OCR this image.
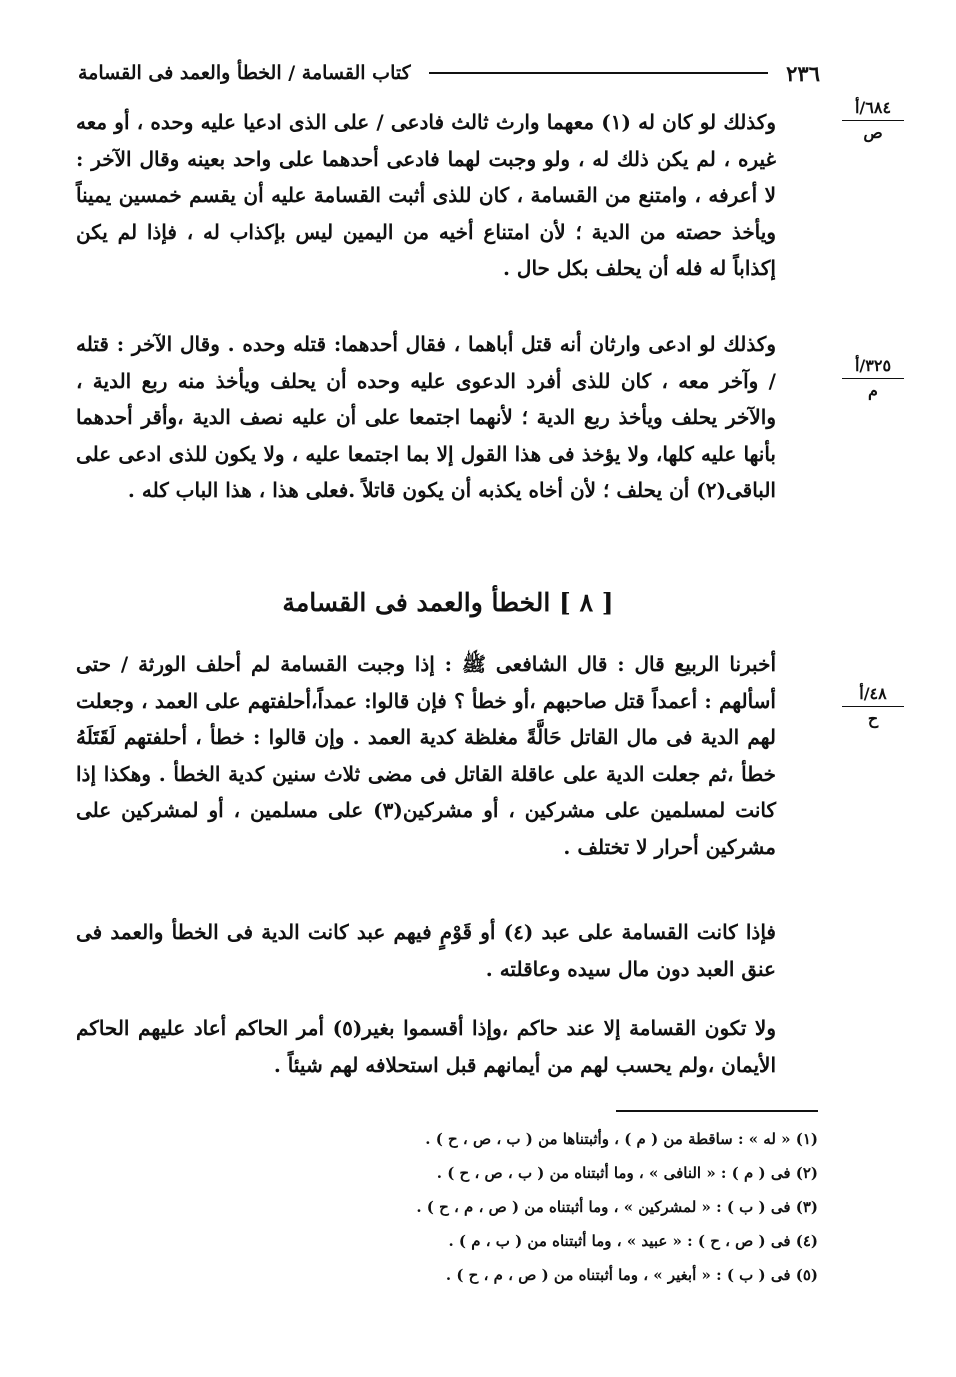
٢٣٦
كتاب القسامة / الخطأ والعمد فى القسامة
٦٨٤/أ
ص
٣٢٥/أ
م
٤٨/أ
ح
وكذلك لو كان له (١) معهما وارث ثالث فادعى / على الذى ادعيا عليه وحده ، أو معه غيره ، لم يكن ذلك له ، ولو وجبت لهما فادعى أحدهما على واحد بعينه وقال الآخر : لا أعرفه ، وامتنع من القسامة ، كان للذى أثبت القسامة عليه أن يقسم خمسين يميناً ويأخذ حصته من الدية ؛ لأن امتناع أخيه من اليمين ليس بإكذاب له ، فإذا لم يكن إكذاباً له فله أن يحلف بكل حال .
وكذلك لو ادعى وارثان أنه قتل أباهما ، فقال أحدهما: قتله وحده . وقال الآخر : قتله / وآخر معه ، كان للذى أفرد الدعوى عليه وحده أن يحلف ويأخذ منه ربع الدية ، والآخر يحلف ويأخذ ربع الدية ؛ لأنهما اجتمعا على أن عليه نصف الدية ،وأقر أحدهما بأنها عليه كلها، ولا يؤخذ فى هذا القول إلا بما اجتمعا عليه ، ولا يكون للذى ادعى على الباقى(٢) أن يحلف ؛ لأن أخاه يكذبه أن يكون قاتلاً .فعلى هذا ، هذا الباب كله .
[ ٨ ] الخطأ والعمد فى القسامة
أخبرنا الربيع قال : قال الشافعى ﷺ : إذا وجبت القسامة لم أحلف الورثة / حتى أسألهم : أعمداً قتل صاحبهم ،أو خطأ ؟ فإن قالوا: عمداً،أحلفتهم على العمد ، وجعلت لهم الدية فى مال القاتل حَالَّةً مغلظة كدية العمد . وإن قالوا : خطأ ، أحلفتهم لَقَتَلَهُ خطأ ،ثم جعلت الدية على عاقلة القاتل فى مضى ثلاث سنين كدية الخطأ . وهكذا إذا كانت لمسلمين على مشركين ، أو مشركين(٣) على مسلمين ، أو لمشركين على مشركين أحرار لا تختلف .
فإذا كانت القسامة على عبد (٤) أو قَوْمٍ فيهم عبد كانت الدية فى الخطأ والعمد فى عنق العبد دون مال سيده وعاقلته .
ولا تكون القسامة إلا عند حاكم ،وإذا أقسموا بغير(٥) أمر الحاكم أعاد عليهم الحاكم الأيمان ،ولم يحسب لهم من أيمانهم قبل استحلافه لهم شيئاً .
(١) « له » : ساقطة من ( م ) ، وأثبتناها من ( ب ، ص ، ح ) .
(٢) فى ( م ) : « النافى » ، وما أثبتناه من ( ب ، ص ، ح ) .
(٣) فى ( ب ) : « لمشركين » ، وما أثبتناه من ( ص ، م ، ح ) .
(٤) فى ( ص ، ح ) : « عبيد » ، وما أثبتناه من ( ب ، م ) .
(٥) فى ( ب ) : « أبغير » ، وما أثبتناه من ( ص ، م ، ح ) .
